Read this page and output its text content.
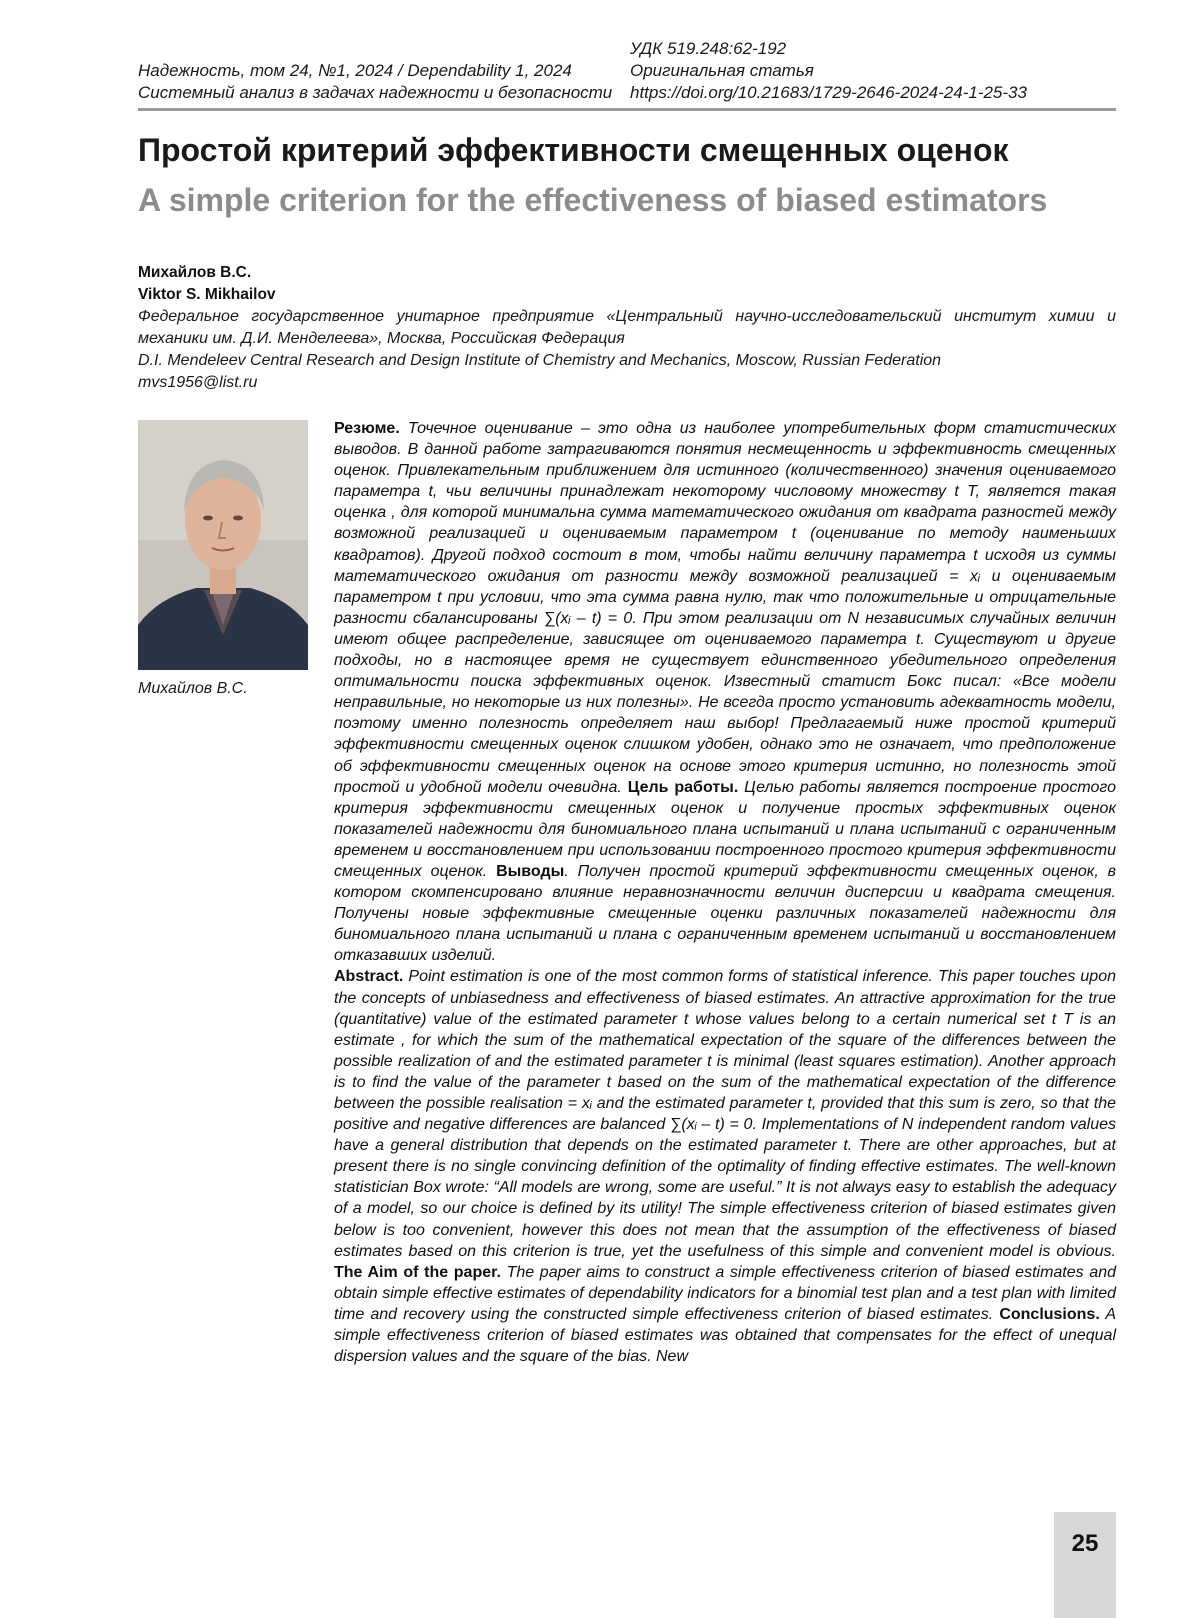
УДК 519.248:62-192
Надежность, том 24, №1, 2024 / Dependability 1, 2024	Оригинальная статья
Системный анализ в задачах надежности и безопасности https://doi.org/10.21683/1729-2646-2024-24-1-25-33
Простой критерий эффективности смещенных оценок
A simple criterion for the effectiveness of biased estimators
Михайлов В.С.
Viktor S. Mikhailov
Федеральное государственное унитарное предприятие «Центральный научно-исследовательский институт химии и механики им. Д.И. Менделеева», Москва, Российская Федерация
D.I. Mendeleev Central Research and Design Institute of Chemistry and Mechanics, Moscow, Russian Federation
mvs1956@list.ru
Михайлов В.С.

Резюме. Точечное оценивание – это одна из наиболее употребительных форм статистических выводов. В данной работе затрагиваются понятия несмещенность и эффективность смещенных оценок. Привлекательным приближением для истинного (количественного) значения оцениваемого параметра t, чьи величины принадлежат некоторому числовому множеству t T, является такая оценка , для которой минимальна сумма математического ожидания от квадрата разностей между возможной реализацией и оцениваемым параметром t (оценивание по методу наименьших квадратов). Другой подход состоит в том, чтобы найти величину параметра t исходя из суммы математического ожидания от разности между возможной реализацией = xᵢ и оцениваемым параметром t при условии, что эта сумма равна нулю, так что положительные и отрицательные разности сбалансированы ∑(xᵢ – t) = 0. При этом реализации от N независимых случайных величин имеют общее распределение, зависящее от оцениваемого параметра t. Существуют и другие подходы, но в настоящее время не существует единственного убедительного определения оптимальности поиска эффективных оценок. Известный статист Бокс писал: «Все модели неправильные, но некоторые из них полезны». Не всегда просто установить адекватность модели, поэтому именно полезность определяет наш выбор! Предлагаемый ниже простой критерий эффективности смещенных оценок слишком удобен, однако это не означает, что предположение об эффективности смещенных оценок на основе этого критерия истинно, но полезность этой простой и удобной модели очевидна. Цель работы. Целью работы является построение простого критерия эффективности смещенных оценок и получение простых эффективных оценок показателей надежности для биномиального плана испытаний и плана испытаний с ограниченным временем и восстановлением при использовании построенного простого критерия эффективности смещенных оценок. Выводы. Получен простой критерий эффективности смещенных оценок, в котором скомпенсировано влияние неравнозначности величин дисперсии и квадрата смещения. Получены новые эффективные смещенные оценки различных показателей надежности для биномиального плана испытаний и плана с ограниченным временем испытаний и восстановлением отказавших изделий.

Abstract. Point estimation is one of the most common forms of statistical inference. This paper touches upon the concepts of unbiasedness and effectiveness of biased estimates. An attractive approximation for the true (quantitative) value of the estimated parameter t whose values belong to a certain numerical set t T is an estimate , for which the sum of the mathematical expectation of the square of the differences between the possible realization of and the estimated parameter t is minimal (least squares estimation). Another approach is to find the value of the parameter t based on the sum of the mathematical expectation of the difference between the possible realisation = xᵢ and the estimated parameter t, provided that this sum is zero, so that the positive and negative differences are balanced ∑(xᵢ – t) = 0. Implementations of N independent random values have a general distribution that depends on the estimated parameter t. There are other approaches, but at present there is no single convincing definition of the optimality of finding effective estimates. The well-known statistician Box wrote: “All models are wrong, some are useful.” It is not always easy to establish the adequacy of a model, so our choice is defined by its utility! The simple effectiveness criterion of biased estimates given below is too convenient, however this does not mean that the assumption of the effectiveness of biased estimates based on this criterion is true, yet the usefulness of this simple and convenient model is obvious. The Aim of the paper. The paper aims to construct a simple effectiveness criterion of biased estimates and obtain simple effective estimates of dependability indicators for a binomial test plan and a test plan with limited time and recovery using the constructed simple effectiveness criterion of biased estimates. Conclusions. A simple effectiveness criterion of biased estimates was obtained that compensates for the effect of unequal dispersion values and the square of the bias. New

25
